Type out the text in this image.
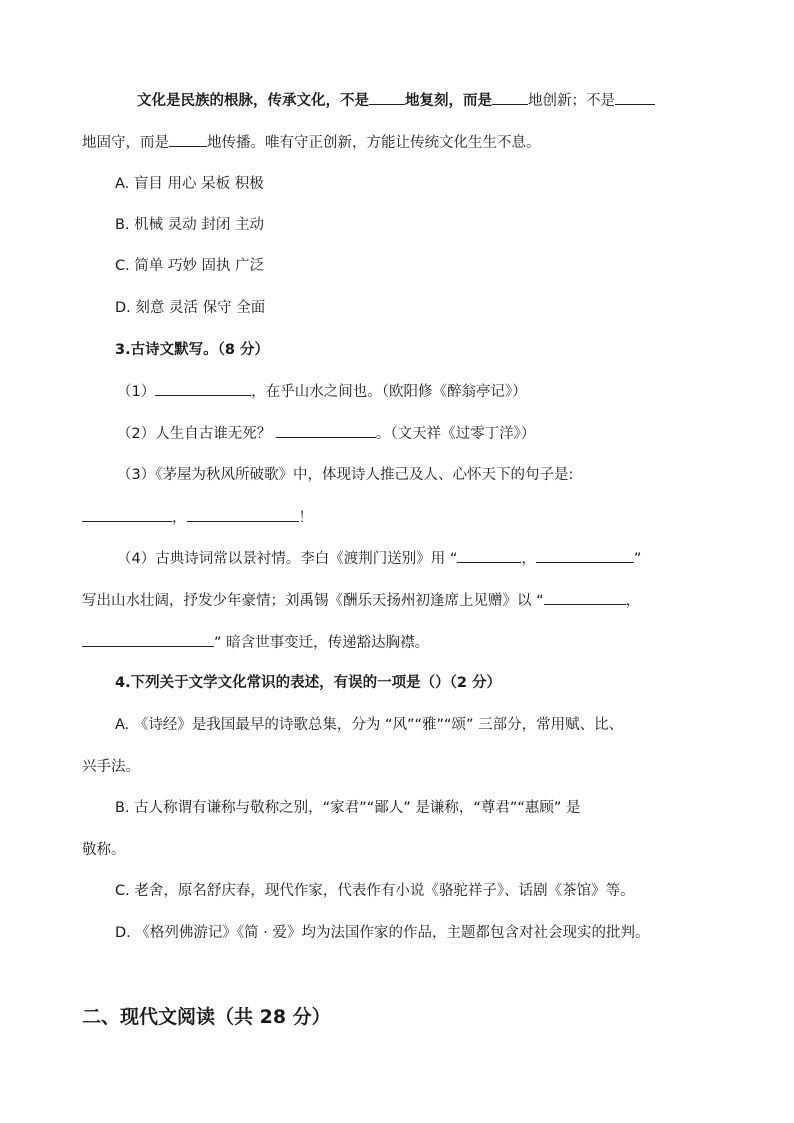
文化是民族的根脉，传承文化，不是 地复刻，而是 地创新；不是
地固守，而是	地传播。唯有守正创新，方能让传统文化生生不息。
A. 盲目 用心 呆板 积极
B. 机械 灵动 封闭 主动
C. 简单 巧妙 固执 广泛
D. 刻意 灵活 保守 全面
3.古诗文默写。（8 分）
（1）	，在乎山水之间也。（欧阳修《醉翁亭记》）
（2）人生自古谁无死？	。（文天祥《过零丁洋》）
（3）《茅屋为秋风所破歌》中，体现诗人推己及人、心怀天下的句子是:
，	！
（4）古典诗词常以景衬情。李白《渡荆门送别》用 “	，	”
写出山水壮阔，抒发少年豪情；刘禹锡《酬乐天扬州初逢席上见赠》以 “	，
” 暗含世事变迁，传递豁达胸襟。
4.下列关于文学文化常识的表述，有误的一项是（）（2 分）
A. 《诗经》是我国最早的诗歌总集，分为 “风”“雅”“颂” 三部分，常用赋、比、
兴手法。
B. 古人称谓有谦称与敬称之别，“家君”“鄙人” 是谦称，“尊君”“惠顾” 是
敬称。
C. 老舍，原名舒庆春，现代作家，代表作有小说《骆驼祥子》、话剧《茶馆》等。
D. 《格列佛游记》《简 · 爱》均为法国作家的作品，主题都包含对社会现实的批判。
二、现代文阅读（共 28 分）
